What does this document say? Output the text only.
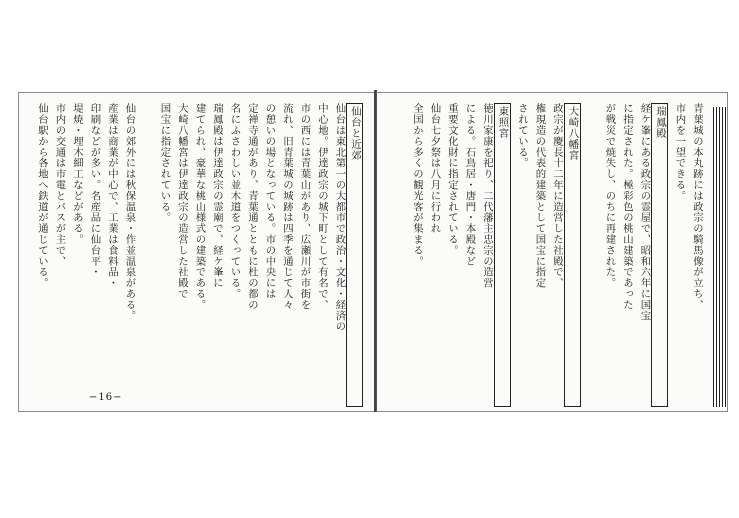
仙台と近郊
仙台は東北第一の大都市で政治・文化・経済の
中心地。伊達政宗の城下町として有名で、
市の西には青葉山があり、広瀬川が市街を
流れ、旧青葉城の城跡は四季を通じて人々
の憩いの場となっている。市の中央には
定禅寺通があり、青葉通とともに杜の都の
名にふさわしい並木道をつくっている。
瑞鳳殿は伊達政宗の霊廟で、経ケ峯に
建てられ、豪華な桃山様式の建築である。
大崎八幡宮は伊達政宗の造営した社殿で
国宝に指定されている。
仙台の郊外には秋保温泉・作並温泉がある。
産業は商業が中心で、工業は食料品・
印刷などが多い。名産品に仙台平・
堤焼・埋木細工などがある。
市内の交通は市電とバスが主で、
仙台駅から各地へ鉄道が通じている。
−16−
青葉城の本丸跡には政宗の騎馬像が立ち、
市内を一望できる。
瑞鳳殿
経ケ峯にある政宗の霊屋で、昭和六年に国宝
に指定された。極彩色の桃山建築であった
が戦災で焼失し、のちに再建された。
大崎八幡宮
政宗が慶長十二年に造営した社殿で、
権現造の代表的建築として国宝に指定
されている。
東照宮
徳川家康を祀り、二代藩主忠宗の造営
による。石鳥居・唐門・本殿など
重要文化財に指定されている。
仙台七夕祭は八月に行われ
全国から多くの観光客が集まる。
